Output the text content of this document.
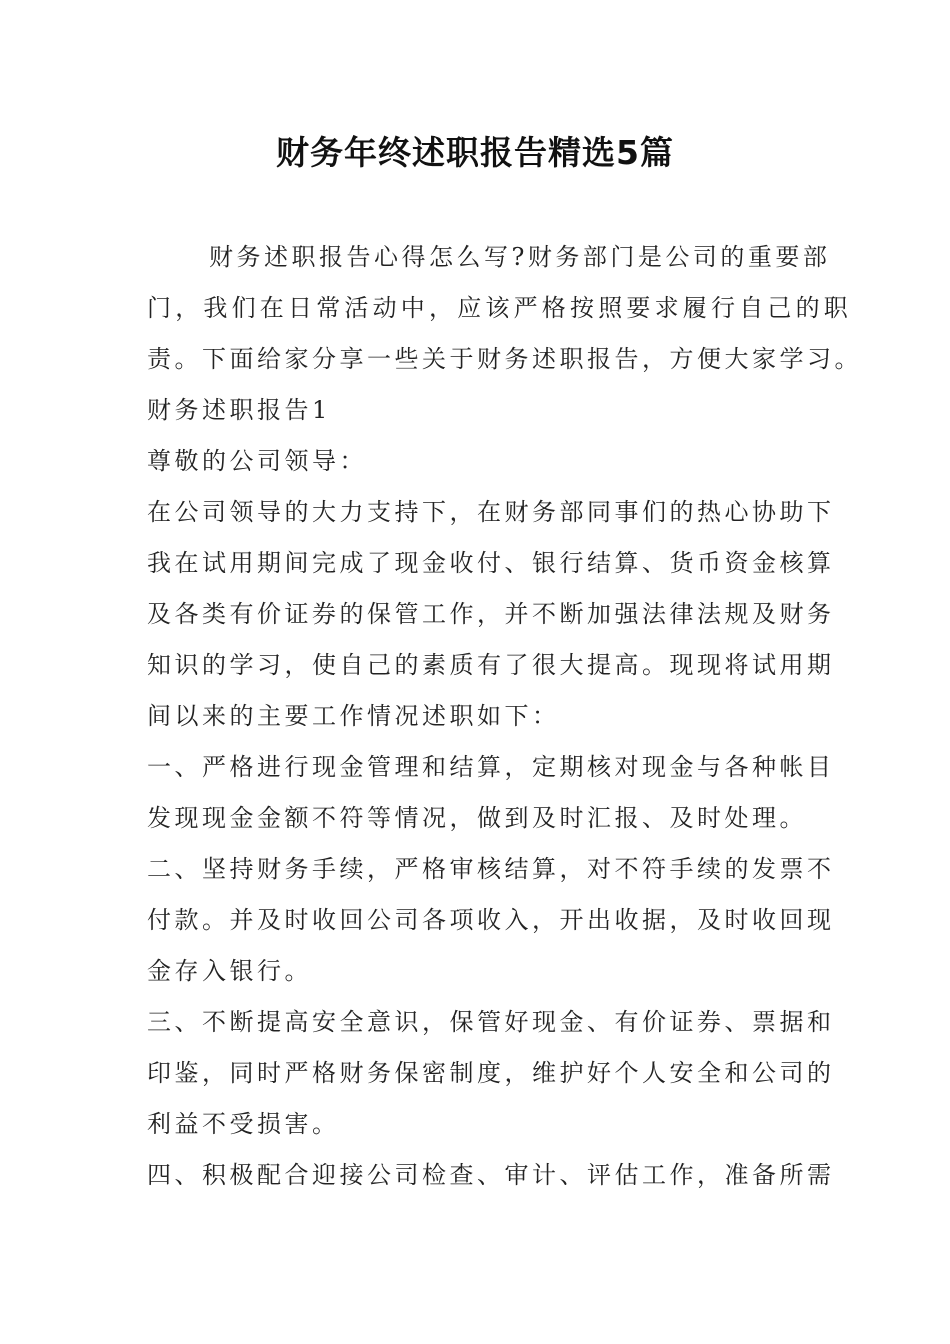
财务年终述职报告精选5篇
财务述职报告心得怎么写?财务部门是公司的重要部
门，我们在日常活动中，应该严格按照要求履行自己的职
责。下面给家分享一些关于财务述职报告，方便大家学习。
财务述职报告1
尊敬的公司领导：
在公司领导的大力支持下，在财务部同事们的热心协助下
我在试用期间完成了现金收付、银行结算、货币资金核算
及各类有价证券的保管工作，并不断加强法律法规及财务
知识的学习，使自己的素质有了很大提高。现现将试用期
间以来的主要工作情况述职如下：
一、严格进行现金管理和结算，定期核对现金与各种帐目
发现现金金额不符等情况，做到及时汇报、及时处理。
二、坚持财务手续，严格审核结算，对不符手续的发票不
付款。并及时收回公司各项收入，开出收据，及时收回现
金存入银行。
三、不断提高安全意识，保管好现金、有价证券、票据和
印鉴，同时严格财务保密制度，维护好个人安全和公司的
利益不受损害。
四、积极配合迎接公司检查、审计、评估工作，准备所需
